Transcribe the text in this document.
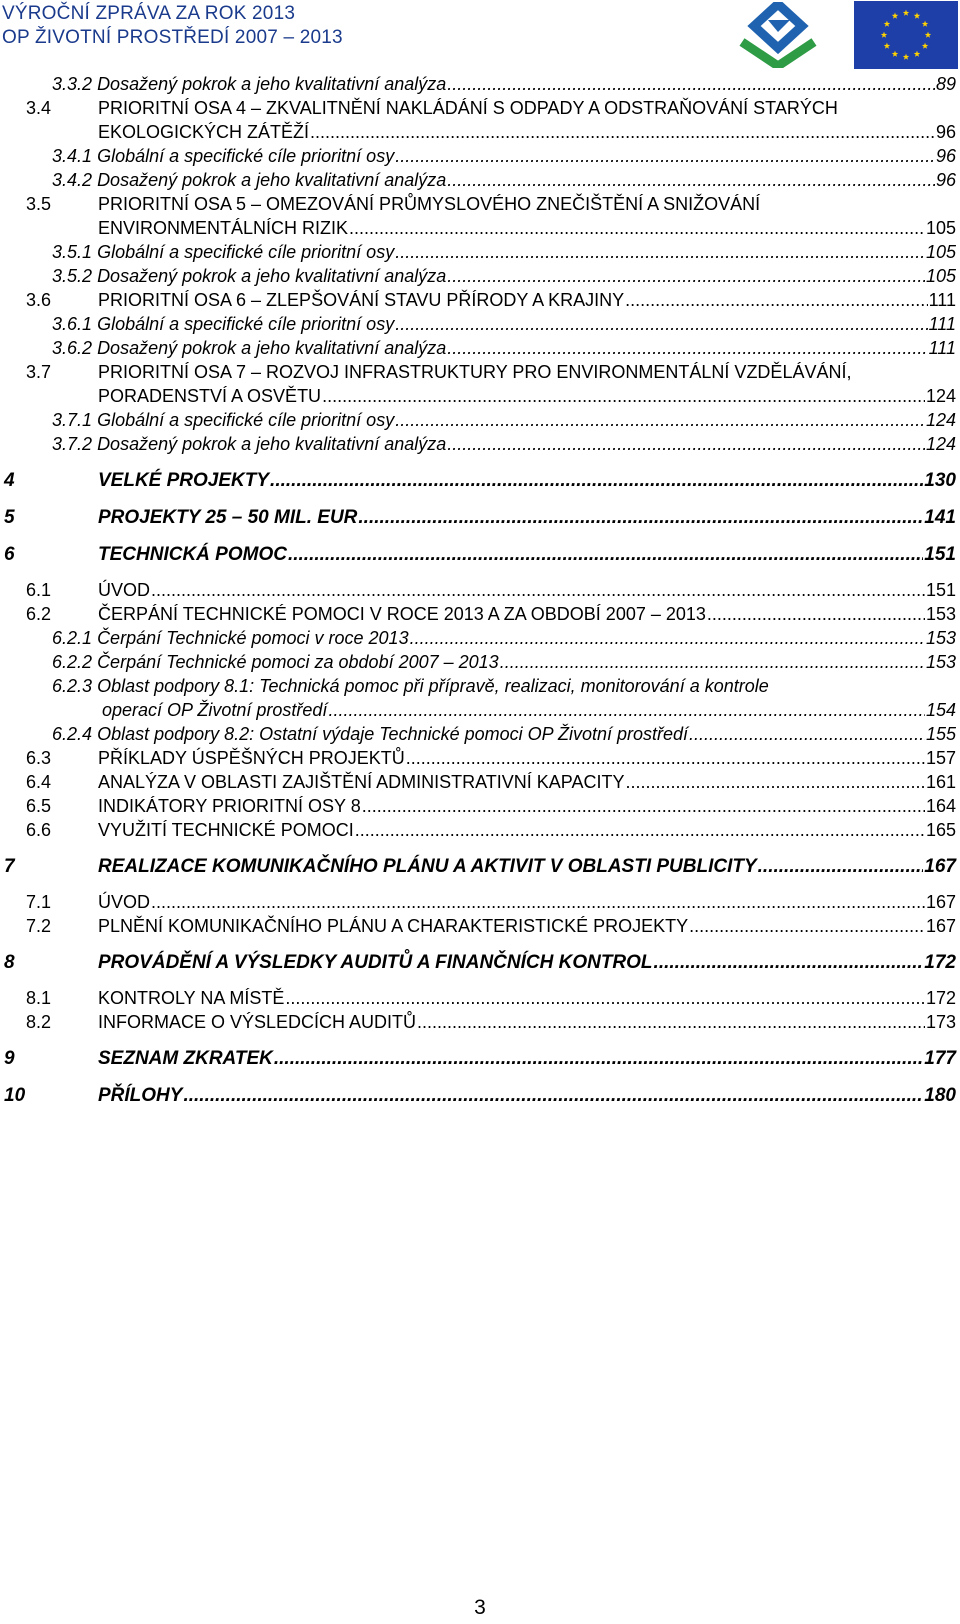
VÝROČNÍ ZPRÁVA ZA ROK 2013
OP ŽIVOTNÍ PROSTŘEDÍ 2007 – 2013
3.3.2 Dosažený pokrok a jeho kvalitativní analýza .....	89
3.4	PRIORITNÍ OSA 4 – ZKVALITNĚNÍ NAKLÁDÁNÍ S ODPADY A ODSTRAŇOVÁNÍ STARÝCH
EKOLOGICKÝCH ZÁTĚŽÍ .....	96
3.4.1 Globální a specifické cíle prioritní osy .....	96
3.4.2 Dosažený pokrok a jeho kvalitativní analýza .....	96
3.5	PRIORITNÍ OSA 5 – OMEZOVÁNÍ PRŮMYSLOVÉHO ZNEČIŠTĚNÍ A SNIŽOVÁNÍ
ENVIRONMENTÁLNÍCH RIZIK .....	105
3.5.1 Globální a specifické cíle prioritní osy .....	105
3.5.2 Dosažený pokrok a jeho kvalitativní analýza .....	105
3.6	PRIORITNÍ OSA 6 – ZLEPŠOVÁNÍ STAVU PŘÍRODY A KRAJINY .....	111
3.6.1 Globální a specifické cíle prioritní osy .....	111
3.6.2 Dosažený pokrok a jeho kvalitativní analýza .....	111
3.7	PRIORITNÍ OSA 7 – ROZVOJ INFRASTRUKTURY PRO ENVIRONMENTÁLNÍ VZDĚLÁVÁNÍ,
PORADENSTVÍ A OSVĚTU .....	124
3.7.1 Globální a specifické cíle prioritní osy .....	124
3.7.2 Dosažený pokrok a jeho kvalitativní analýza .....	124
4	VELKÉ PROJEKTY .....	130
5	PROJEKTY 25 – 50 MIL. EUR .....	141
6	TECHNICKÁ POMOC .....	151
6.1	ÚVOD .....	151
6.2	ČERPÁNÍ TECHNICKÉ POMOCI V ROCE 2013 A ZA OBDOBÍ 2007 – 2013 .....	153
6.2.1 Čerpání Technické pomoci v roce 2013 .....	153
6.2.2 Čerpání Technické pomoci za období 2007 – 2013 .....	153
6.2.3 Oblast podpory 8.1: Technická pomoc při přípravě, realizaci, monitorování a kontrole
operací OP Životní prostředí .....	154
6.2.4 Oblast podpory 8.2: Ostatní výdaje Technické pomoci OP Životní prostředí .....	155
6.3	PŘÍKLADY ÚSPĚŠNÝCH PROJEKTŮ .....	157
6.4	ANALÝZA V OBLASTI ZAJIŠTĚNÍ ADMINISTRATIVNÍ KAPACITY .....	161
6.5	INDIKÁTORY PRIORITNÍ OSY 8 .....	164
6.6	VYUŽITÍ TECHNICKÉ POMOCI .....	165
7	REALIZACE KOMUNIKAČNÍHO PLÁNU A AKTIVIT V OBLASTI PUBLICITY .....	167
7.1	ÚVOD .....	167
7.2	PLNĚNÍ KOMUNIKAČNÍHO PLÁNU A CHARAKTERISTICKÉ PROJEKTY .....	167
8	PROVÁDĚNÍ A VÝSLEDKY AUDITŮ A FINANČNÍCH KONTROL .....	172
8.1	KONTROLY NA MÍSTĚ .....	172
8.2	INFORMACE O VÝSLEDCÍCH AUDITŮ .....	173
9	SEZNAM ZKRATEK .....	177
10	PŘÍLOHY .....	180
3
